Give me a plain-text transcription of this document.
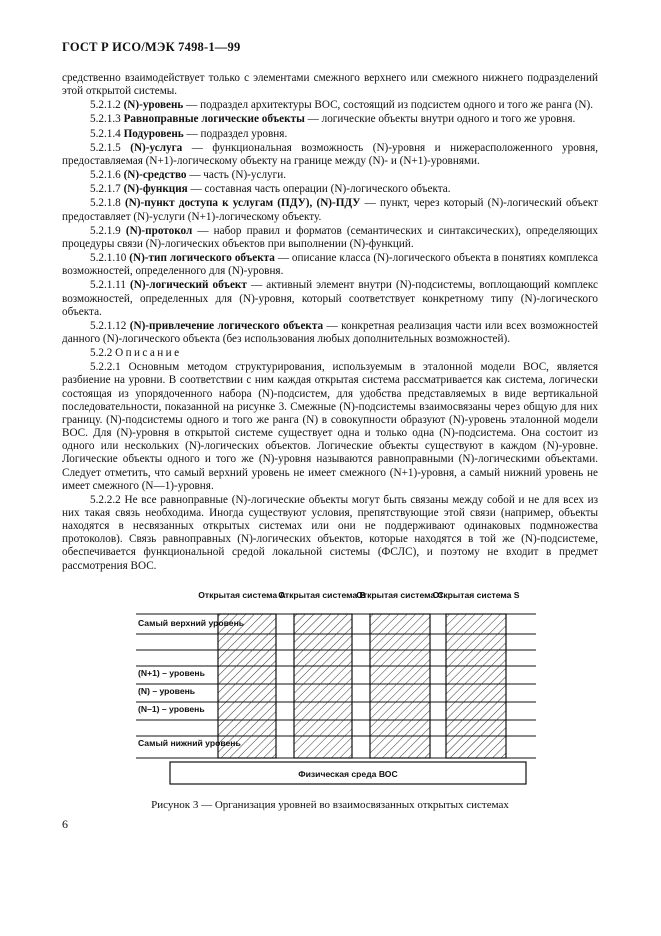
ГОСТ Р ИСО/МЭК 7498-1—99

средственно взаимодействует только с элементами смежного верхнего или смежного нижнего подразделений этой открытой системы.

5.2.1.2 (N)-уровень — подраздел архитектуры ВОС, состоящий из подсистем одного и того же ранга (N).

5.2.1.3 Равноправные логические объекты — логические объекты внутри одного и того же уровня.

5.2.1.4 Подуровень — подраздел уровня.

5.2.1.5 (N)-услуга — функциональная возможность (N)-уровня и нижерасположенного уровня, предоставляемая (N+1)-логическому объекту на границе между (N)- и (N+1)-уровнями.

5.2.1.6 (N)-средство — часть (N)-услуги.

5.2.1.7 (N)-функция — составная часть операции (N)-логического объекта.

5.2.1.8 (N)-пункт доступа к услугам (ПДУ), (N)-ПДУ — пункт, через который (N)-логический объект предоставляет (N)-услуги (N+1)-логическому объекту.

5.2.1.9 (N)-протокол — набор правил и форматов (семантических и синтаксических), определяющих процедуры связи (N)-логических объектов при выполнении (N)-функций.

5.2.1.10 (N)-тип логического объекта — описание класса (N)-логического объекта в понятиях комплекса возможностей, определенного для (N)-уровня.

5.2.1.11 (N)-логический объект — активный элемент внутри (N)-подсистемы, воплощающий комплекс возможностей, определенных для (N)-уровня, который соответствует конкретному типу (N)-логического объекта.

5.2.1.12 (N)-привлечение логического объекта — конкретная реализация части или всех возможностей данного (N)-логического объекта (без использования любых дополнительных возможностей).

5.2.2 Описание

5.2.2.1 Основным методом структурирования, используемым в эталонной модели ВОС, является разбиение на уровни. В соответствии с ним каждая открытая система рассматривается как система, логически состоящая из упорядоченного набора (N)-подсистем, для удобства представляемых в виде вертикальной последовательности, показанной на рисунке 3. Смежные (N)-подсистемы взаимосвязаны через общую для них границу. (N)-подсистемы одного и того же ранга (N) в совокупности образуют (N)-уровень эталонной модели ВОС. Для (N)-уровня в открытой системе существует одна и только одна (N)-подсистема. Она состоит из одного или нескольких (N)-логических объектов. Логические объекты существуют в каждом (N)-уровне. Логические объекты одного и того же (N)-уровня называются равноправными (N)-логическими объектами. Следует отметить, что самый верхний уровень не имеет смежного (N+1)-уровня, а самый нижний уровень не имеет смежного (N—1)-уровня.

5.2.2.2 Не все равноправные (N)-логические объекты могут быть связаны между собой и не для всех из них такая связь необходима. Иногда существуют условия, препятствующие этой связи (например, объекты находятся в несвязанных открытых системах или они не поддерживают одинаковых подмножества протоколов). Связь равноправных (N)-логических объектов, которые находятся в той же (N)-подсистеме, обеспечивается функциональной средой локальной системы (ФСЛС), и поэтому не входит в предмет рассмотрения ВОС.

Открытая система A
Открытая система B
Открытая система C
Открытая система S
Самый верхний уровень
(N+1) – уровень
(N) – уровень
(N–1) – уровень
Самый нижний уровень
Физическая среда ВОС
Рисунок 3 — Организация уровней во взаимосвязанных открытых системах
6
